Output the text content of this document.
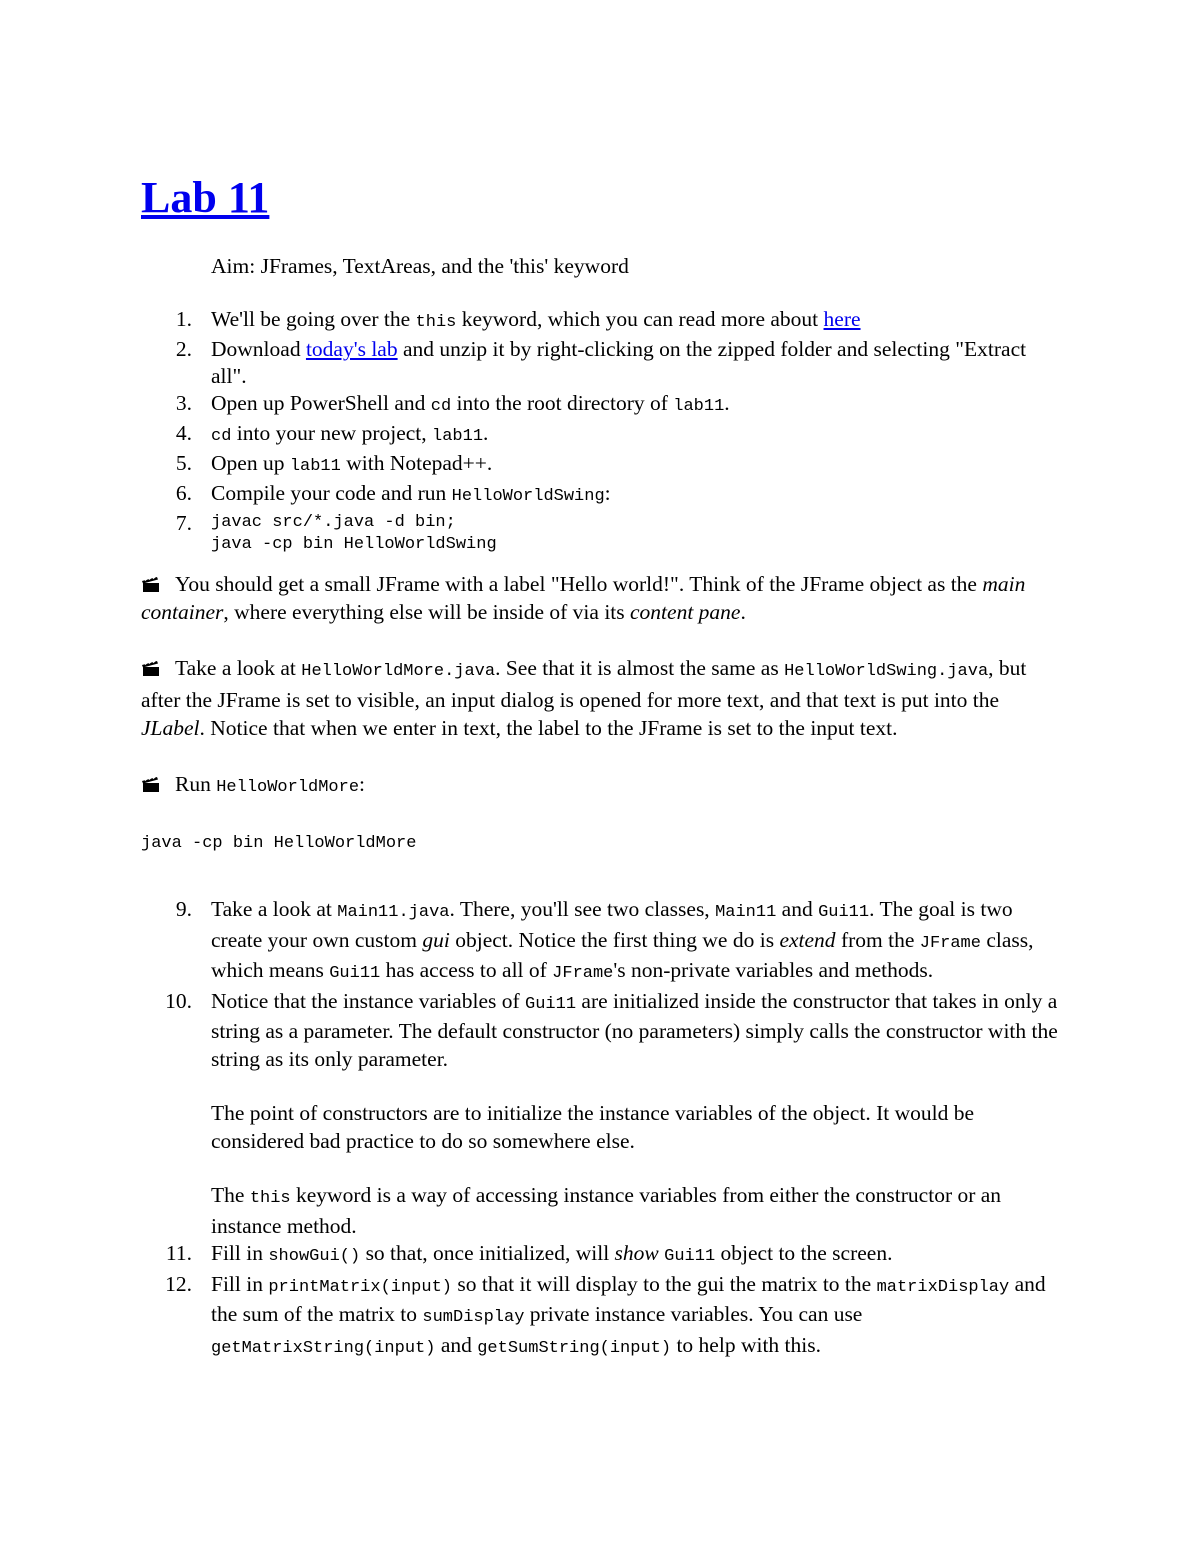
Lab 11

Aim: JFrames, TextAreas, and the 'this' keyword

1. We'll be going over the this keyword, which you can read more about here
2. Download today's lab and unzip it by right-clicking on the zipped folder and selecting "Extract all".
3. Open up PowerShell and cd into the root directory of lab11.
4. cd into your new project, lab11.
5. Open up lab11 with Notepad++.
6. Compile your code and run HelloWorldSwing:
7. javac src/*.java -d bin;
java -cp bin HelloWorldSwing

You should get a small JFrame with a label "Hello world!". Think of the JFrame object as the main container, where everything else will be inside of via its content pane.

Take a look at HelloWorldMore.java. See that it is almost the same as HelloWorldSwing.java, but after the JFrame is set to visible, an input dialog is opened for more text, and that text is put into the JLabel. Notice that when we enter in text, the label to the JFrame is set to the input text.

Run HelloWorldMore:

java -cp bin HelloWorldMore

9. Take a look at Main11.java. There, you'll see two classes, Main11 and Gui11. The goal is two create your own custom gui object. Notice the first thing we do is extend from the JFrame class, which means Gui11 has access to all of JFrame's non-private variables and methods.
10. Notice that the instance variables of Gui11 are initialized inside the constructor that takes in only a string as a parameter. The default constructor (no parameters) simply calls the constructor with the string as its only parameter.
The point of constructors are to initialize the instance variables of the object. It would be considered bad practice to do so somewhere else.
The this keyword is a way of accessing instance variables from either the constructor or an instance method.
11. Fill in showGui() so that, once initialized, will show Gui11 object to the screen.
12. Fill in printMatrix(input) so that it will display to the gui the matrix to the matrixDisplay and the sum of the matrix to sumDisplay private instance variables. You can use getMatrixString(input) and getSumString(input) to help with this.
